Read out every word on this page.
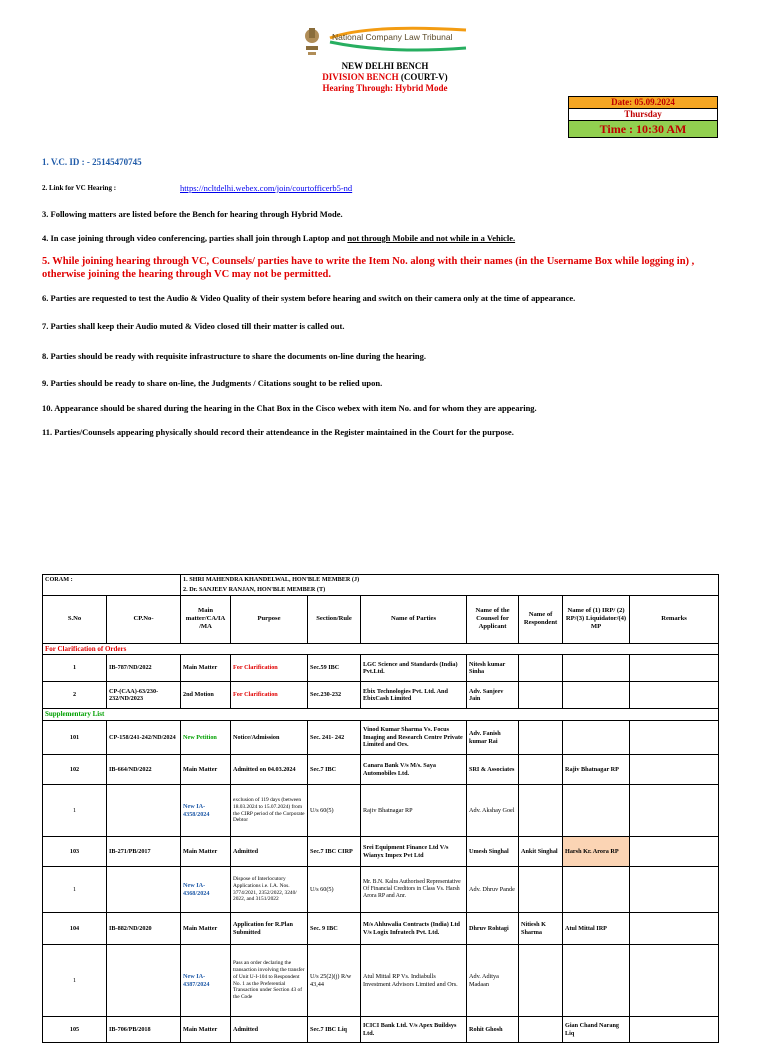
National Company Law Tribunal
NEW DELHI BENCH
DIVISION BENCH (COURT-V)
Hearing Through: Hybrid Mode
Date: 05.09.2024
Thursday
Time : 10:30 AM
1. V.C. ID : - 25145470745
2. Link for VC Hearing :	https://ncltdelhi.webex.com/join/courtofficerb5-nd
3. Following matters are listed before the Bench for hearing through Hybrid Mode.
4. In case joining through video conferencing, parties shall join through Laptop and not through Mobile and not while in a Vehicle.
5. While joining hearing through VC, Counsels/ parties have to write the Item No. along with their names (in the Username Box while logging in) , otherwise joining the hearing through VC may not be permitted.
6. Parties are requested to test the Audio & Video Quality of their system before hearing and switch on their camera only at the time of appearance.
7. Parties shall keep their Audio muted & Video closed till their matter is called out.
8. Parties should be ready with requisite infrastructure to share the documents on-line during the hearing.
9. Parties should be ready to share on-line, the Judgments / Citations sought to be relied upon.
10. Appearance should be shared during the hearing in the Chat Box in the Cisco webex with item No. and for whom they are appearing.
11. Parties/Counsels appearing physically should record their attendeance in the Register maintained in the Court for the purpose.
CORAM :		1. SHRI MAHENDRA KHANDELWAL, HON'BLE MEMBER (J)							
		2. Dr. SANJEEV RANJAN, HON'BLE MEMBER (T)							
S.No	CP.No-	Main matter/CA/IA /MA	Purpose	Section/Rule	Name of Parties	Name of the Counsel for Applicant	Name of Respondent	Name of (1) IRP/ (2) RP/(3) Liquidator/(4) MP	Remarks
For Clarification of Orders									
1	IB-787/ND/2022	Main Matter	For Clarification	Sec.59 IBC	LGC Science and Standards (India) Pvt.Ltd.	Nitesh kumar Sinha			
2	CP-(CAA)-63/230-232/ND/2023	2nd Motion	For Clarification	Sec.230-232	Ebix Technologies Pvt. Ltd. And EbixCash Limited	Adv. Sanjeev Jain			
Supplementary List									
101	CP-158/241-242/ND/2024	New Petition	Notice/Admission	Sec. 241- 242	Vinod Kumar Sharma Vs. Focus Imaging and Research Centre Private Limited and Ors.	Adv. Fanish kumar Rai			
102	IB-664/ND/2022	Main Matter	Admitted on 04.03.2024	Sec.7 IBC	Canara Bank V/s M/s. Saya Automobiles Ltd.	SRI & Associates		Rajiv Bhatnagar RP	
1		New IA-4358/2024	exclusion of 119 days (between 18.03.2024 to 15.07.2024) from the CIRP period of the Corporate Debtor	U/s 60(5)	Rajiv Bhatnagar RP	Adv. Akshay Goel			
103	IB-271/PB/2017	Main Matter	Admitted	Sec.7 IBC CIRP	Srei Equipment Finance Ltd V/s Wianyx Impex Pvt Ltd	Umesh Singhal	Ankit Singhal	Harsh Kr. Arora RP	
1		New IA-4368/2024	Dispose of Interlocutory Applications i.e. I.A. Nos. 3774/2021, 2352/2022, 3240/ 2022, and 3151/2022	U/s 60(5)	Mr. B.N. Kalra Authorised Representative Of Financial Creditors in Class Vs. Harsh Arora RP and Anr.	Adv. Dhruv Pande			
104	IB-882/ND/2020	Main Matter	Application for R.Plan Submitted	Sec. 9 IBC	M/s Ahluwalia Contracts (India) Ltd V/s Logix Infratech Pvt. Ltd.	Dhruv Rohtagi	Nitiesh K Sharma	Atul Mittal IRP	
1		New IA-4387/2024	Pass an order declaring the transaction involving the transfer of Unit U-I-104 to Respondent No. 1 as the Preferential Transaction under Section 43 of the Code	U/s 25(2)(j) R/w 43,44	Atul Mittal RP Vs. Indiabulls Investment Advisors Limited and Ors.	Adv. Aditya Madaan			
105	IB-706/PB/2018	Main Matter	Admitted	Sec.7 IBC Liq	ICICI Bank Ltd. V/s Apex Buildsys Ltd.	Rohit Ghosh		Gian Chand Narang Liq	
